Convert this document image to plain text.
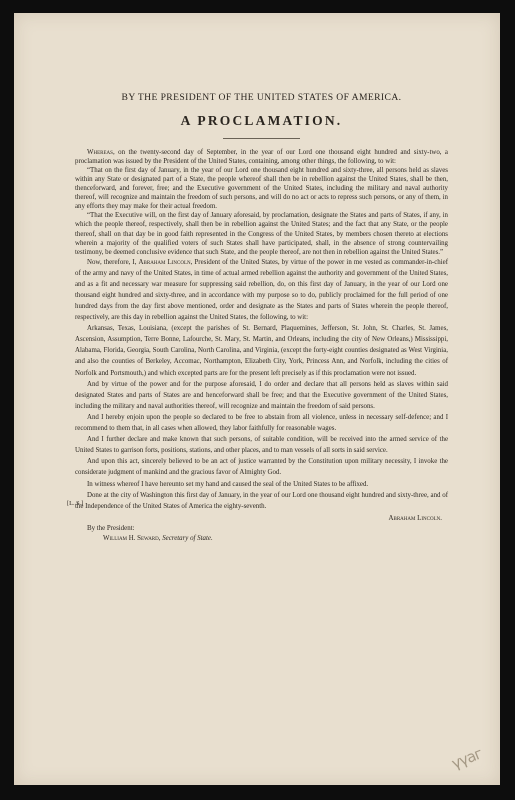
BY THE PRESIDENT OF THE UNITED STATES OF AMERICA.
A PROCLAMATION.

Whereas, on the twenty-second day of September, in the year of our Lord one thousand eight hundred and sixty-two, a proclamation was issued by the President of the United States, containing, among other things, the following, to wit:

“That on the first day of January, in the year of our Lord one thousand eight hundred and sixty-three, all persons held as slaves within any State or designated part of a State, the people whereof shall then be in rebellion against the United States, shall be then, thenceforward, and forever, free; and the Executive government of the United States, including the military and naval authority thereof, will recognize and maintain the freedom of such persons, and will do no act or acts to repress such persons, or any of them, in any efforts they may make for their actual freedom.

“That the Executive will, on the first day of January aforesaid, by proclamation, designate the States and parts of States, if any, in which the people thereof, respectively, shall then be in rebellion against the United States; and the fact that any State, or the people thereof, shall on that day be in good faith represented in the Congress of the United States, by members chosen thereto at elections wherein a majority of the qualified voters of such States shall have participated, shall, in the absence of strong countervailing testimony, be deemed conclusive evidence that such State, and the people thereof, are not then in rebellion against the United States.”

Now, therefore, I, Abraham Lincoln, President of the United States, by virtue of the power in me vested as commander-in-chief of the army and navy of the United States, in time of actual armed rebellion against the authority and government of the United States, and as a fit and necessary war measure for suppressing said rebellion, do, on this first day of January, in the year of our Lord one thousand eight hundred and sixty-three, and in accordance with my purpose so to do, publicly proclaimed for the full period of one hundred days from the day first above mentioned, order and designate as the States and parts of States wherein the people thereof, respectively, are this day in rebellion against the United States, the following, to wit:

Arkansas, Texas, Louisiana, (except the parishes of St. Bernard, Plaquemines, Jefferson, St. John, St. Charles, St. James, Ascension, Assumption, Terre Bonne, Lafourche, St. Mary, St. Martin, and Orleans, including the city of New Orleans,) Mississippi, Alabama, Florida, Georgia, South Carolina, North Carolina, and Virginia, (except the forty-eight counties designated as West Virginia, and also the counties of Berkeley, Accomac, Northampton, Elizabeth City, York, Princess Ann, and Norfolk, including the cities of Norfolk and Portsmouth,) and which excepted parts are for the present left precisely as if this proclamation were not issued.

And by virtue of the power and for the purpose aforesaid, I do order and declare that all persons held as slaves within said designated States and parts of States are and henceforward shall be free; and that the Executive government of the United States, including the military and naval authorities thereof, will recognize and maintain the freedom of said persons.

And I hereby enjoin upon the people so declared to be free to abstain from all violence, unless in necessary self-defence; and I recommend to them that, in all cases when allowed, they labor faithfully for reasonable wages.

And I further declare and make known that such persons, of suitable condition, will be received into the armed service of the United States to garrison forts, positions, stations, and other places, and to man vessels of all sorts in said service.

And upon this act, sincerely believed to be an act of justice warranted by the Constitution upon military necessity, I invoke the considerate judgment of mankind and the gracious favor of Almighty God.

In witness whereof I have hereunto set my hand and caused the seal of the United States to be affixed.

[L. S.]

Done at the city of Washington this first day of January, in the year of our Lord one thousand eight hundred and sixty-three, and of the Independence of the United States of America the eighty-seventh.

Abraham Lincoln.
By the President:
William H. Seward, Secretary of State.
үүаг
